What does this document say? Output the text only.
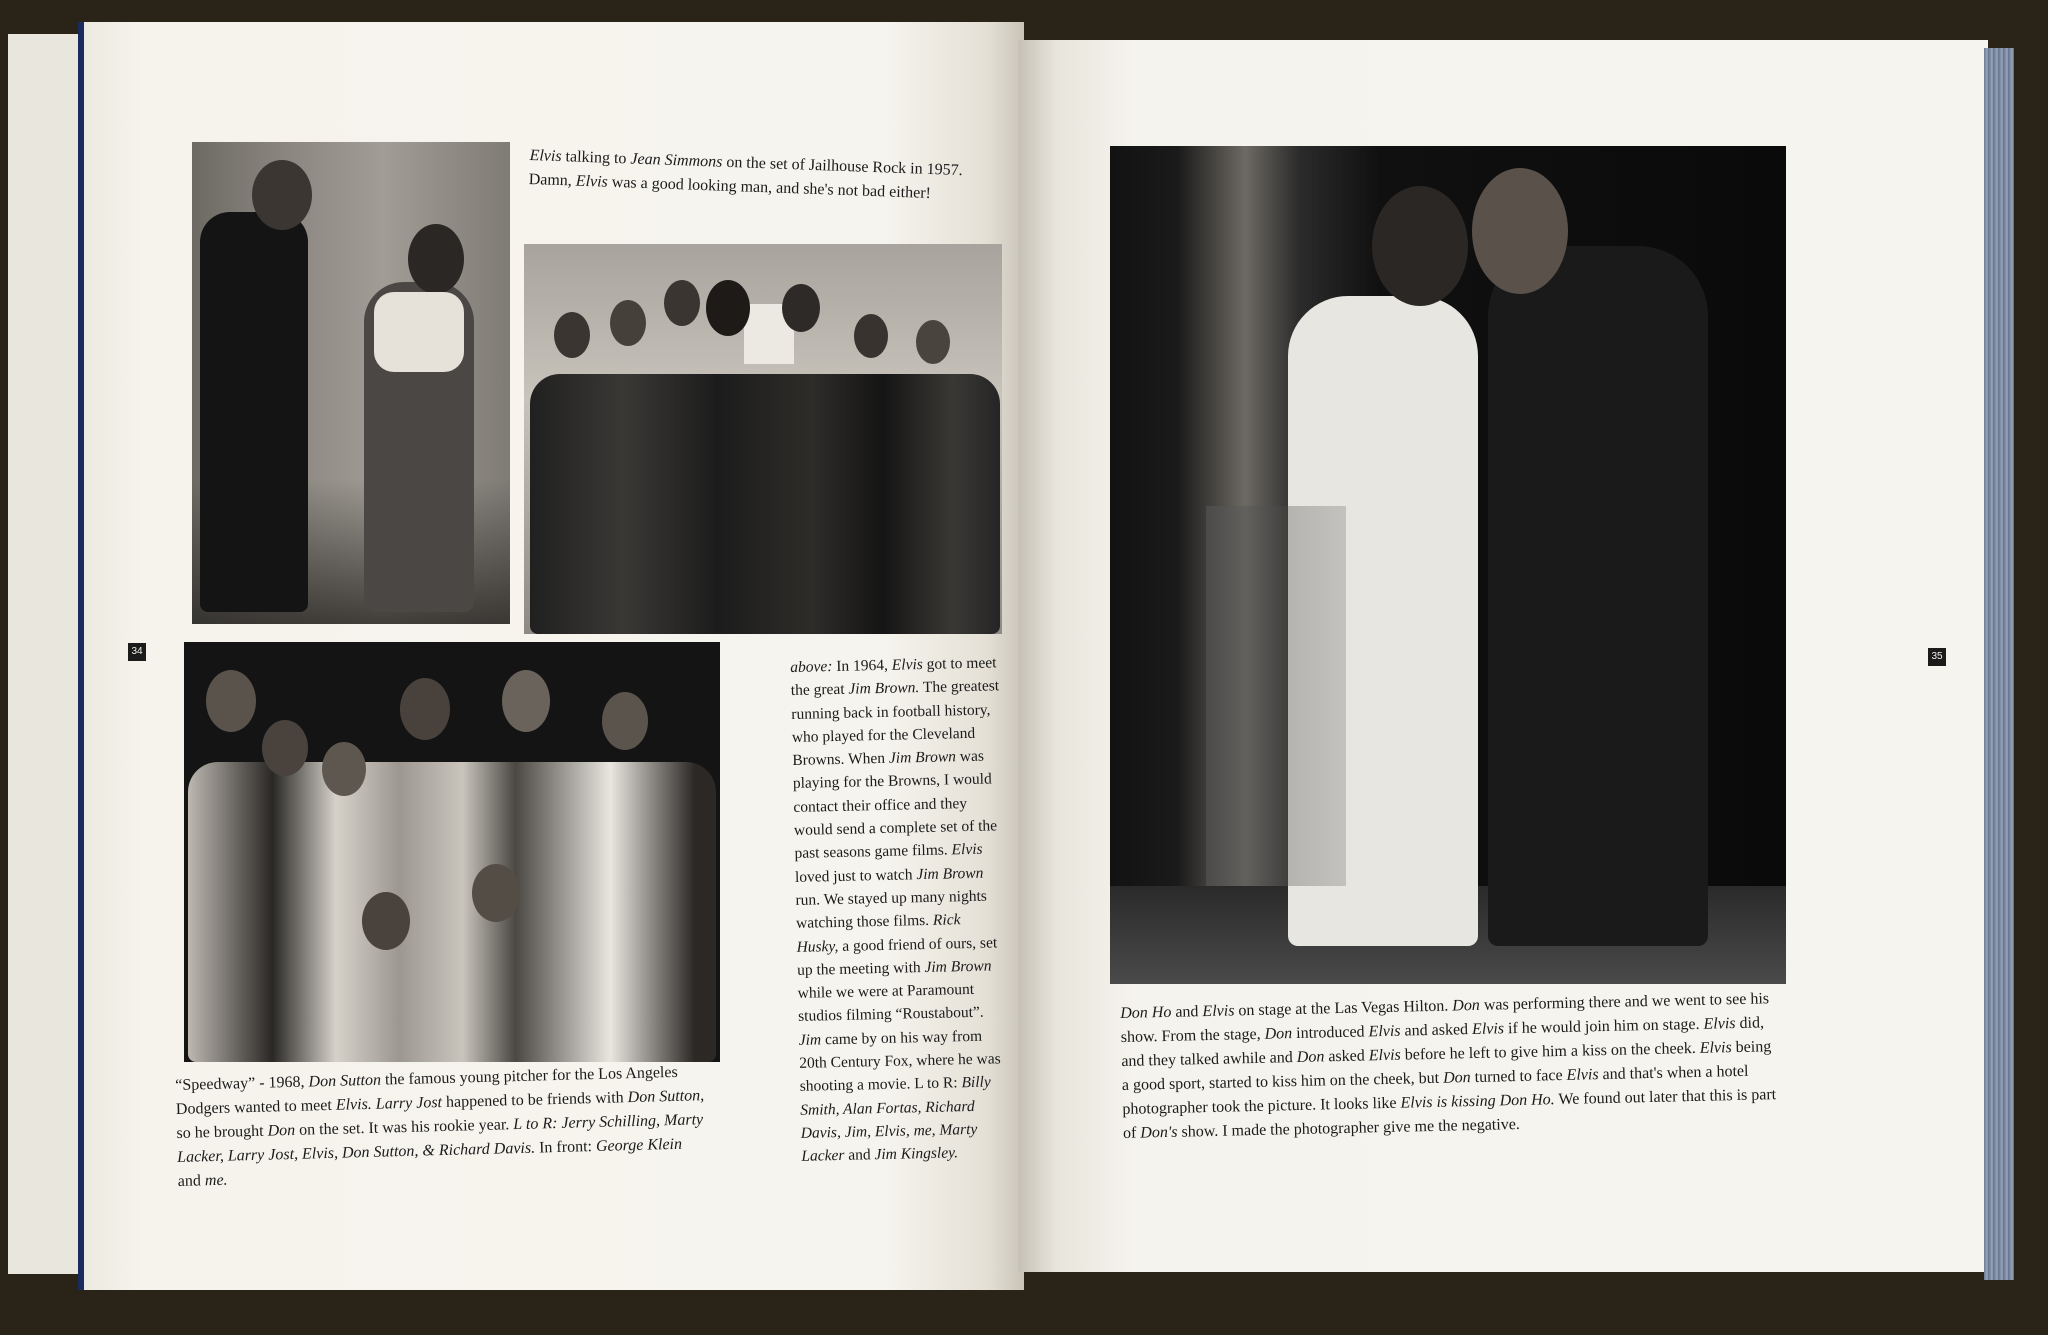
Elvis talking to Jean Simmons on the set of Jailhouse Rock in 1957. Damn, Elvis was a good looking man, and she's not bad either!
above: In 1964, Elvis got to meet the great Jim Brown. The greatest running back in football history, who played for the Cleveland Browns. When Jim Brown was playing for the Browns, I would contact their office and they would send a complete set of the past seasons game films. Elvis loved just to watch Jim Brown run. We stayed up many nights watching those films. Rick Husky, a good friend of ours, set up the meeting with Jim Brown while we were at Paramount studios filming “Roustabout”. Jim came by on his way from 20th Century Fox, where he was shooting a movie. L to R: Billy Smith, Alan Fortas, Richard Davis, Jim, Elvis, me, Marty Lacker and Jim Kingsley.
“Speedway” - 1968, Don Sutton the famous young pitcher for the Los Angeles Dodgers wanted to meet Elvis. Larry Jost happened to be friends with Don Sutton, so he brought Don on the set. It was his rookie year. L to R: Jerry Schilling, Marty Lacker, Larry Jost, Elvis, Don Sutton, & Richard Davis. In front: George Klein and me.
Don Ho and Elvis on stage at the Las Vegas Hilton. Don was performing there and we went to see his show. From the stage, Don introduced Elvis and asked Elvis if he would join him on stage. Elvis did, and they talked awhile and Don asked Elvis before he left to give him a kiss on the cheek. Elvis being a good sport, started to kiss him on the cheek, but Don turned to face Elvis and that's when a hotel photographer took the picture. It looks like Elvis is kissing Don Ho. We found out later that this is part of Don's show. I made the photographer give me the negative.
34	35
